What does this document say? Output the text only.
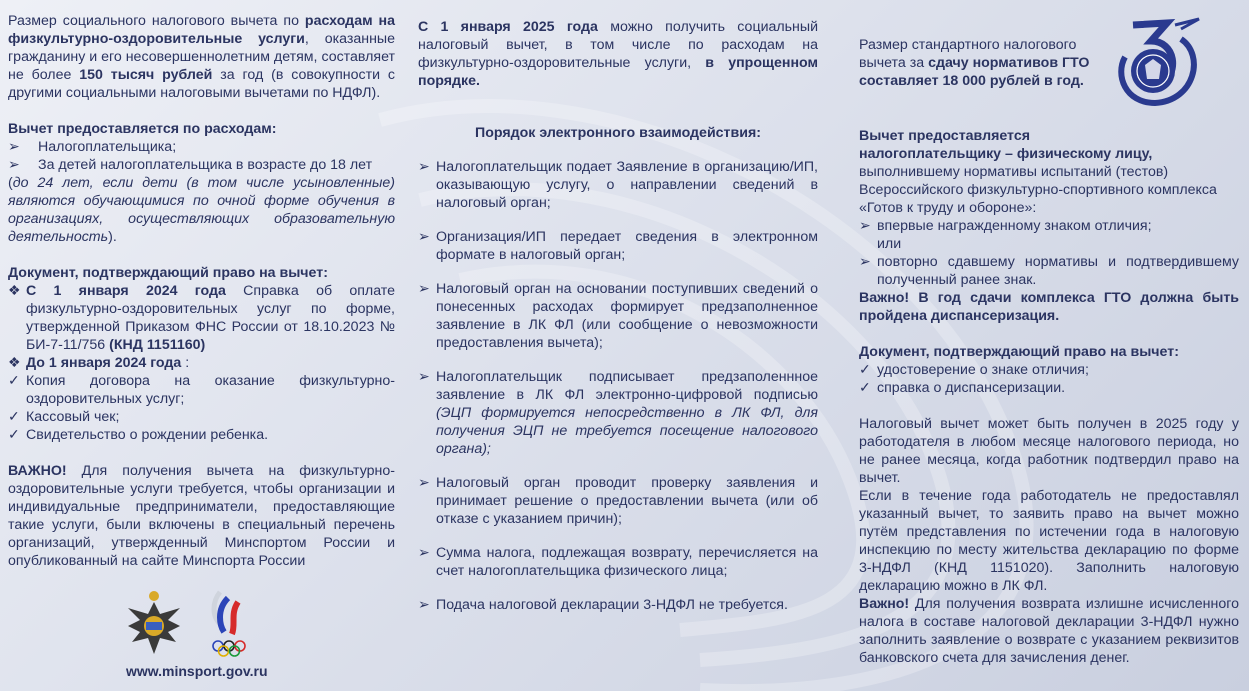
Размер социального налогового вычета по расходам на физкультурно-оздоровительные услуги, оказанные гражданину и его несовершеннолетним детям, составляет не более 150 тысяч рублей за год (в совокупности с другими социальными налоговыми вычетами по НДФЛ).
Вычет предоставляется по расходам:
➢	Налогоплательщика;
➢	За детей налогоплательщика в возрасте до 18 лет
(до 24 лет, если дети (в том числе усыновленные) являются обучающимися по очной форме обучения в организациях, осуществляющих образовательную деятельность).
Документ, подтверждающий право на вычет:
❖ С 1 января 2024 года Справка об оплате физкультурно-оздоровительных услуг по форме, утвержденной Приказом ФНС России от 18.10.2023 № БИ-7-11/756 (КНД 1151160)
❖ До 1 января 2024 года :
✓ Копия договора на оказание физкультурно-оздоровительных услуг;
✓ Кассовый чек;
✓ Свидетельство о рождении ребенка.
ВАЖНО! Для получения вычета на физкультурно-оздоровительные услуги требуется, чтобы организации и индивидуальные предприниматели, предоставляющие такие услуги, были включены в специальный перечень организаций, утвержденный Минспортом России и опубликованный на сайте Минспорта России
С 1 января 2025 года можно получить социальный налоговый вычет, в том числе по расходам на физкультурно-оздоровительные услуги, в упрощенном порядке.
Порядок электронного взаимодействия:
➢ Налогоплательщик подает Заявление в организацию/ИП, оказывающую услугу, о направлении сведений в налоговый орган;
➢ Организация/ИП передает сведения в электронном формате в налоговый орган;
➢ Налоговый орган на основании поступивших сведений о понесенных расходах формирует предзаполненное заявление в ЛК ФЛ (или сообщение о невозможности предоставления вычета);
➢ Налогоплательщик подписывает предзаполеннное заявление в ЛК ФЛ электронно-цифровой подписью (ЭЦП формируется непосредственно в ЛК ФЛ, для получения ЭЦП не требуется посещение налогового органа);
➢ Налоговый орган проводит проверку заявления и принимает решение о предоставлении вычета (или об отказе с указанием причин);
➢ Сумма налога, подлежащая возврату, перечисляется на счет налогоплательщика физического лица;
➢ Подача налоговой декларации 3-НДФЛ не требуется.
Размер стандартного налогового вычета за сдачу нормативов ГТО составляет 18 000 рублей в год.
Вычет предоставляется
налогоплательщику – физическому лицу, выполнившему нормативы испытаний (тестов) Всероссийского физкультурно-спортивного комплекса «Готов к труду и обороне»:
➢ впервые награжденному знаком отличия;
или
➢ повторно сдавшему нормативы и подтвердившему полученный ранее знак.
Важно! В год сдачи комплекса ГТО должна быть пройдена диспансеризация.
Документ, подтверждающий право на вычет:
✓ удостоверение о знаке отличия;
✓ справка о диспансеризации.
Налоговый вычет может быть получен в 2025 году у работодателя в любом месяце налогового периода, но не ранее месяца, когда работник подтвердил право на вычет.
Если в течение года работодатель не предоставлял указанный вычет, то заявить право на вычет можно путём представления по истечении года в налоговую инспекцию по месту жительства декларацию по форме 3-НДФЛ (КНД 1151020). Заполнить налоговую декларацию можно в ЛК ФЛ.
Важно! Для получения возврата излишне исчисленного налога в составе налоговой декларации 3-НДФЛ нужно заполнить заявление о возврате с указанием реквизитов банковского счета для зачисления денег.
www.minsport.gov.ru
